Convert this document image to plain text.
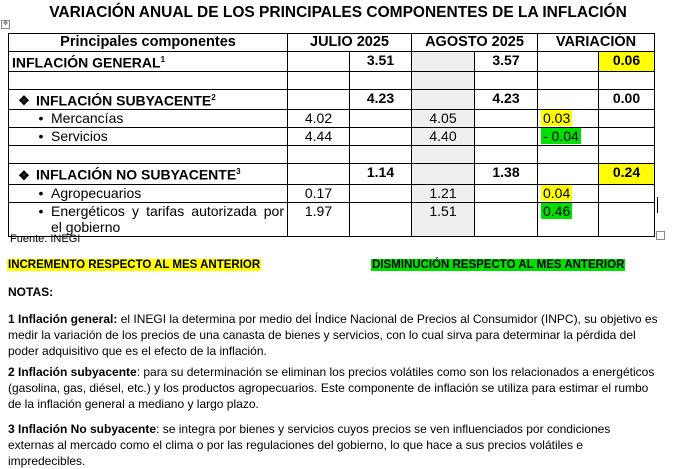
VARIACIÓN ANUAL DE LOS PRINCIPALES COMPONENTES DE LA INFLACIÓN
✥
Principales componentes	JULIO 2025		AGOSTO 2025		VARIACIÓN	
INFLACIÓN GENERAL$^1$		3.51		3.57		0.06

❖ INFLACIÓN SUBYACENTE$^2$		4.23		4.23		0.00
• Mercancías	4.02		4.05		0.03	
• Servicios	4.44		4.40		- 0.04	

❖ INFLACIÓN NO SUBYACENTE$^3$		1.14		1.38		0.24
• Agropecuarios	0.17		1.21		0.04	

• Energéticos y tarifas autorizada por el gobierno	1.97		1.51		0.46	
Fuente: INEGI
INCREMENTO RESPECTO AL MES ANTERIOR	DISMINUCIÓN RESPECTO AL MES ANTERIOR
NOTAS:
1 Inflación general: el INEGI la determina por medio del Índice Nacional de Precios al Consumidor (INPC), su objetivo es medir la variación de los precios de una canasta de bienes y servicios, con lo cual sirva para determinar la pérdida del poder adquisitivo que es el efecto de la inflación.
2 Inflación subyacente: para su determinación se eliminan los precios volátiles como son los relacionados a energéticos (gasolina, gas, diésel, etc.) y los productos agropecuarios. Este componente de inflación se utiliza para estimar el rumbo de la inflación general a mediano y largo plazo.
3 Inflación No subyacente: se integra por bienes y servicios cuyos precios se ven influenciados por condiciones externas al mercado como el clima o por las regulaciones del gobierno, lo que hace a sus precios volátiles e impredecibles.
